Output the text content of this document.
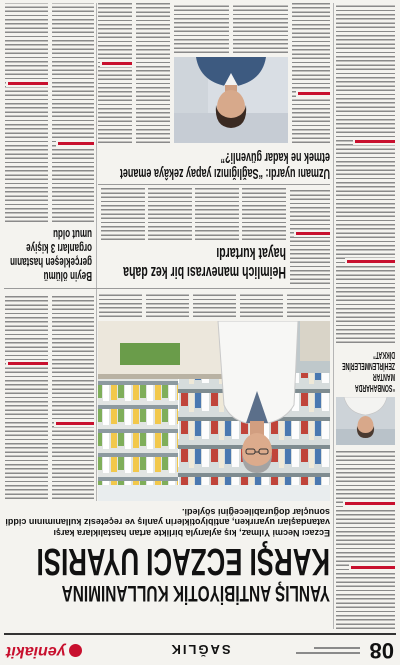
08
SAĞLIK
yeniakit
“SONBAHARDA MANTAR ZEHİRLENMELERİNE DİKKAT”
YANLIŞ ANTİBİYOTİK KULLANIMINA
KARŞI ECZACI UYARISI
Eczacı Necmi Yılmaz, kış aylarıyla birlikte artan hastalıklara karşı vatandaşları uyarırken, antibiyotiklerin yanlış ve reçetesiz kullanımının ciddi sonuçlar doğurabileceğini söyledi.
Heimlich manevrası bir kez daha hayat kurtardı
Beyin ölümü gerçekleşen hastanın organları 3 kişiye umut oldu
Uzmanı uyardı: “Sağlığınızı yapay zekâya emanet etmek ne kadar güvenli?”
